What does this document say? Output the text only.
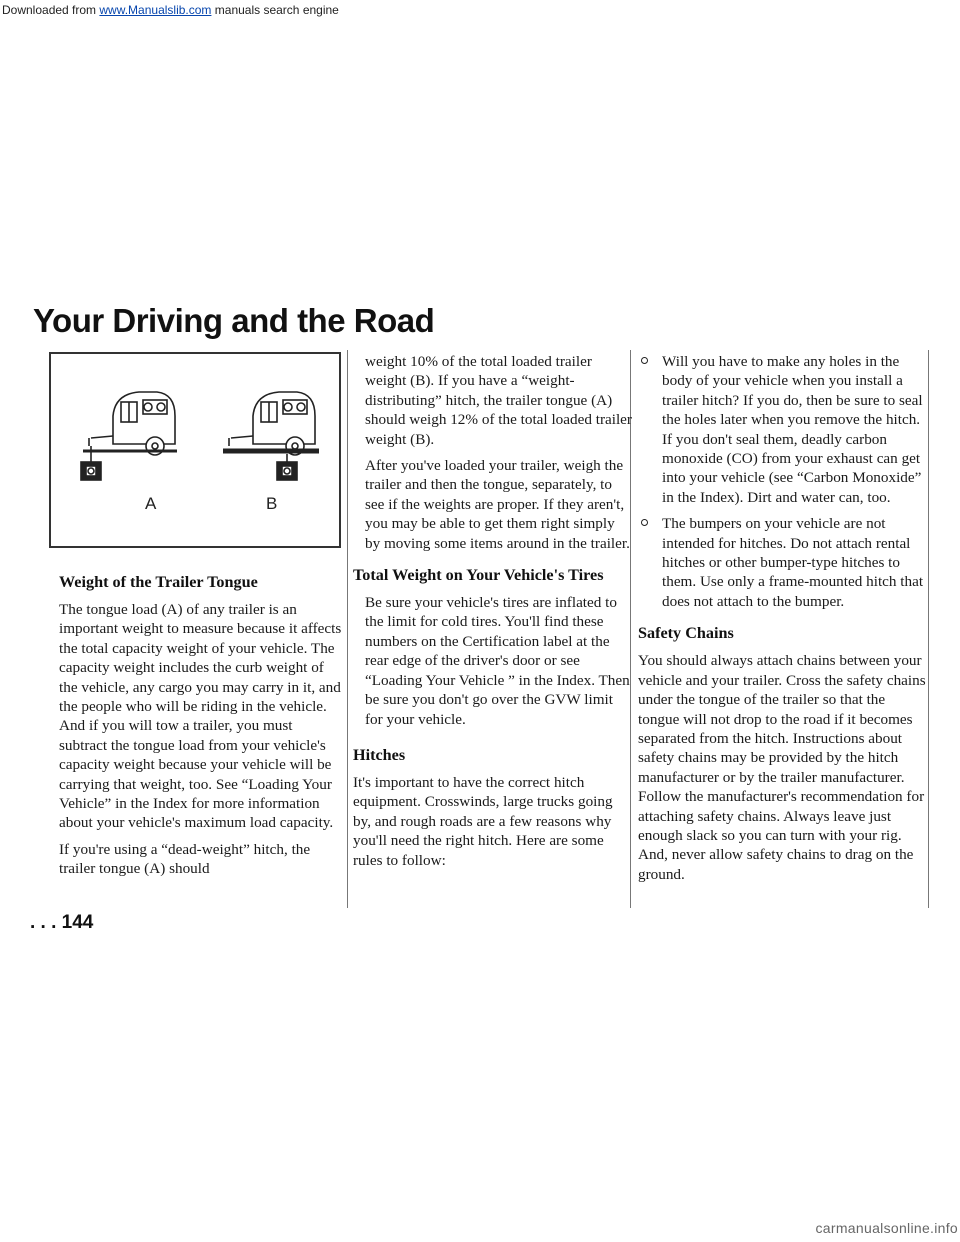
Downloaded from www.Manualslib.com manuals search engine
Your Driving and the Road
A	B
Weight of the Trailer Tongue

The tongue load (A) of any trailer is an important weight to measure because it affects the total capacity weight of your vehicle. The capacity weight includes the curb weight of the vehicle, any cargo you may carry in it, and the people who will be riding in the vehicle. And if you will tow a trailer, you must subtract the tongue load from your vehicle's capacity weight because your vehicle will be carrying that weight, too. See “Loading Your Vehicle” in the Index for more information about your vehicle's maximum load capacity.

If you're using a “dead-weight” hitch, the trailer tongue (A) should

weight 10% of the total loaded trailer weight (B). If you have a “weight-distributing” hitch, the trailer tongue (A) should weigh 12% of the total loaded trailer weight (B).

After you've loaded your trailer, weigh the trailer and then the tongue, separately, to see if the weights are proper. If they aren't, you may be able to get them right simply by moving some items around in the trailer.

Total Weight on Your Vehicle's Tires

Be sure your vehicle's tires are inflated to the limit for cold tires. You'll find these numbers on the Certification label at the rear edge of the driver's door or see “Loading Your Vehicle ” in the Index. Then be sure you don't go over the GVW limit for your vehicle.

Hitches

It's important to have the correct hitch equipment. Crosswinds, large trucks going by, and rough roads are a few reasons why you'll need the right hitch. Here are some rules to follow:

Will you have to make any holes in the body of your vehicle when you install a trailer hitch? If you do, then be sure to seal the holes later when you remove the hitch. If you don't seal them, deadly carbon monoxide (CO) from your exhaust can get into your vehicle (see “Carbon Monoxide” in the Index). Dirt and water can, too.
The bumpers on your vehicle are not intended for hitches. Do not attach rental hitches or other bumper-type hitches to them. Use only a frame-mounted hitch that does not attach to the bumper.
Safety Chains

You should always attach chains between your vehicle and your trailer. Cross the safety chains under the tongue of the trailer so that the tongue will not drop to the road if it becomes separated from the hitch. Instructions about safety chains may be provided by the hitch manufacturer or by the trailer manufacturer. Follow the manufacturer's recommendation for attaching safety chains. Always leave just enough slack so you can turn with your rig. And, never allow safety chains to drag on the ground.

. . . 144
carmanualsonline.info
